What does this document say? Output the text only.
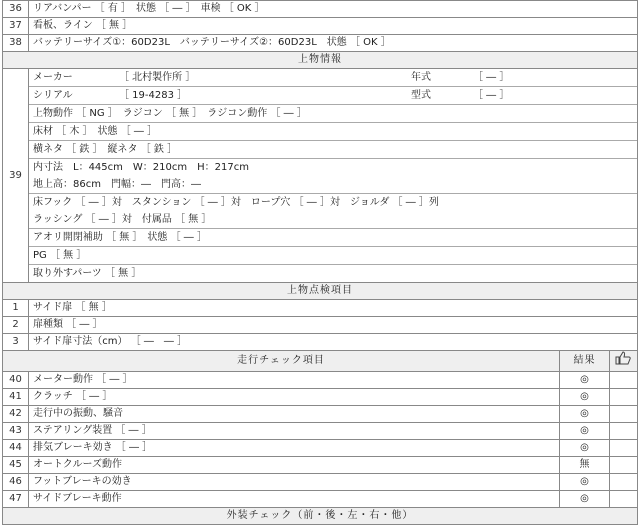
36	リアバンパー ［ 有 ］　状態 ［ ― ］　車検 ［ OK ］
37	看板、ライン ［ 無 ］
38	バッテリーサイズ①：60D23L　バッテリーサイズ②：60D23L　状態 ［ OK ］
上物情報
39	
メーカー	［ 北村製作所 ］	年式	［ ― ］
シリアル	［ 19-4283 ］	型式	［ ― ］
上物動作 ［ NG ］　ラジコン ［ 無 ］　ラジコン動作 ［ ― ］
床材 ［ 木 ］　状態 ［ ― ］
横ネタ ［ 鉄 ］　縦ネタ ［ 鉄 ］

内寸法　L：445cm　W：210cm　H：217cm
地上高：86cm　門幅：―　門高：―

床フック ［ ― ］対　スタンション ［ ― ］対　ロープ穴 ［ ― ］対　ジョルダ ［ ― ］列
ラッシング ［ ― ］対　付属品 ［ 無 ］

アオリ開閉補助 ［ 無 ］　状態 ［ ― ］
PG ［ 無 ］
取り外すパーツ ［ 無 ］

上物点検項目
1	サイド扉 ［ 無 ］
2	扉種類 ［ ― ］
3	サイド扉寸法（cm） ［ ―　― ］
走行チェック項目	結果	
40	メーター動作 ［ ― ］	◎	
41	クラッチ ［ ― ］	◎	
42	走行中の振動、騒音	◎	
43	ステアリング装置 ［ ― ］	◎	
44	排気ブレーキ効き ［ ― ］	◎	
45	オートクルーズ動作	無	
46	フットブレーキの効き	◎	
47	サイドブレーキ動作	◎	
外装チェック（前・後・左・右・他）
